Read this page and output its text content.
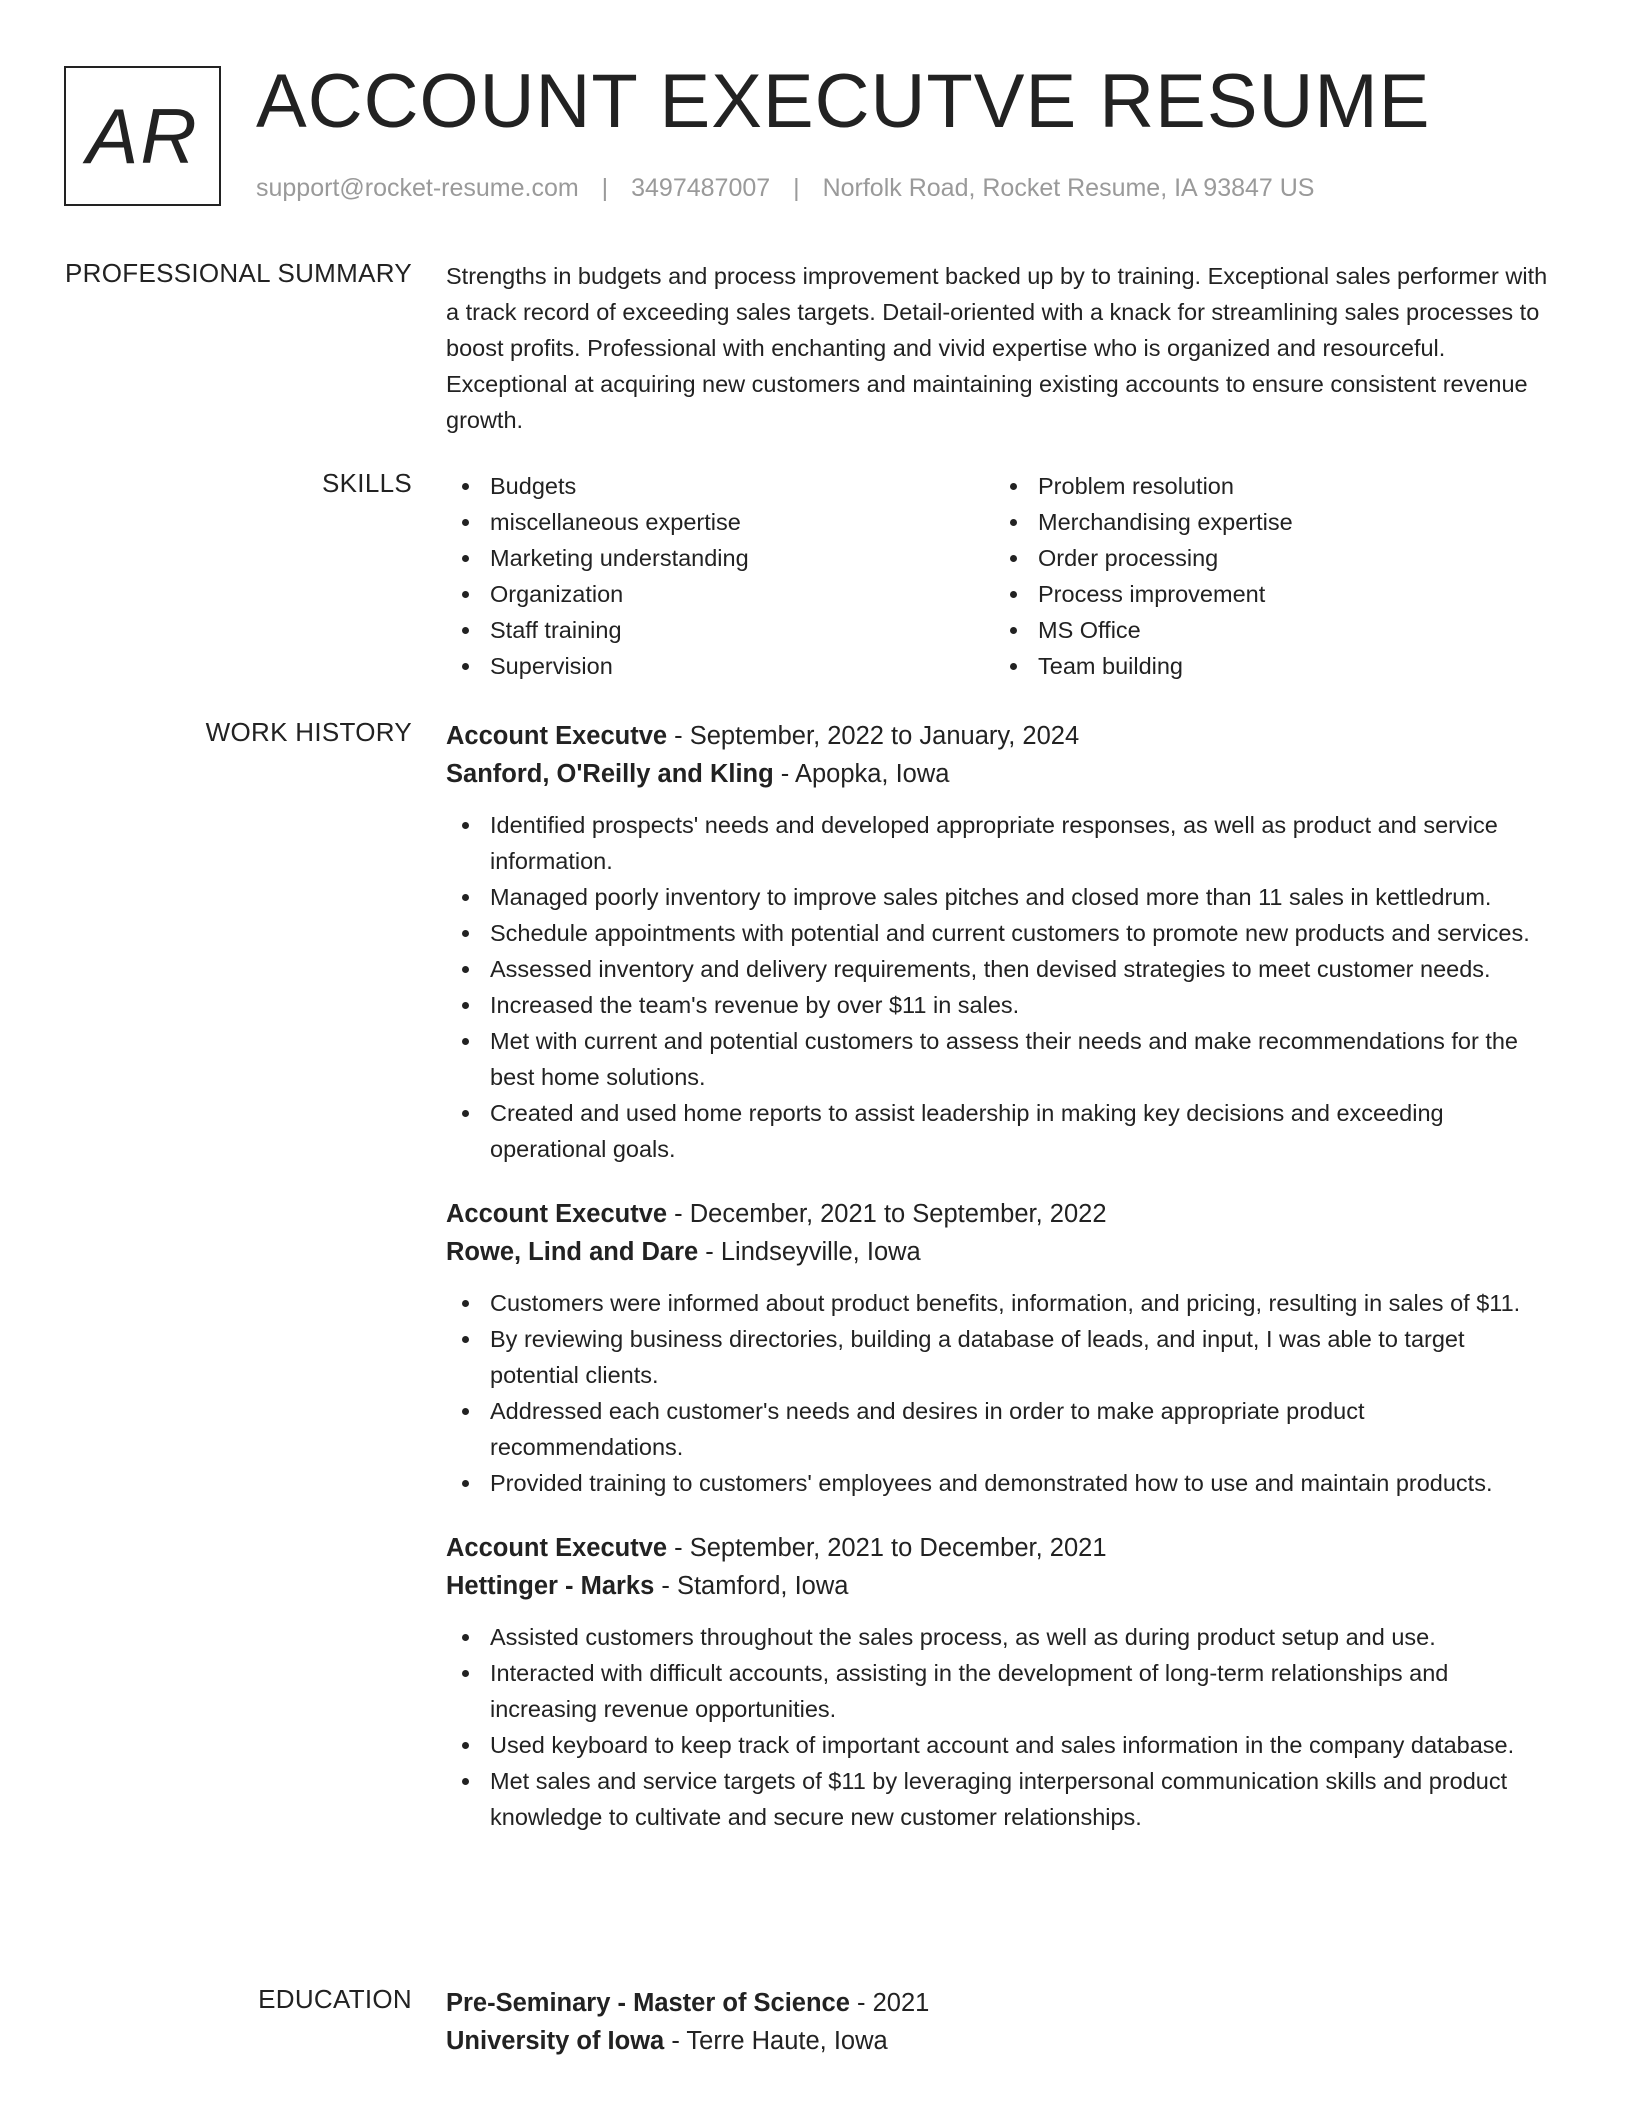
AR ACCOUNT EXECUTVE RESUME
support@rocket-resume.com | 3497487007 | Norfolk Road, Rocket Resume, IA 93847 US
PROFESSIONAL SUMMARY Strengths in budgets and process improvement backed up by to training. Exceptional sales performer with a track record of exceeding sales targets. Detail-oriented with a knack for streamlining sales processes to boost profits. Professional with enchanting and vivid expertise who is organized and resourceful. Exceptional at acquiring new customers and maintaining existing accounts to ensure consistent revenue growth.

SKILLS	Budgets
miscellaneous expertise
Marketing understanding
Organization
Staff training
Supervision
Problem resolution
Merchandising expertise
Order processing
Process improvement
MS Office
Team building
WORK HISTORY Account Executve - September, 2022 to January, 2024
Sanford, O'Reilly and Kling - Apopka, Iowa
Identified prospects' needs and developed appropriate responses, as well as product and service information.
Managed poorly inventory to improve sales pitches and closed more than 11 sales in kettledrum.
Schedule appointments with potential and current customers to promote new products and services.
Assessed inventory and delivery requirements, then devised strategies to meet customer needs.
Increased the team's revenue by over $11 in sales.
Met with current and potential customers to assess their needs and make recommendations for the best home solutions.
Created and used home reports to assist leadership in making key decisions and exceeding operational goals.
Account Executve - December, 2021 to September, 2022
Rowe, Lind and Dare - Lindseyville, Iowa
Customers were informed about product benefits, information, and pricing, resulting in sales of $11.
By reviewing business directories, building a database of leads, and input, I was able to target potential clients.
Addressed each customer's needs and desires in order to make appropriate product recommendations.
Provided training to customers' employees and demonstrated how to use and maintain products.
Account Executve - September, 2021 to December, 2021
Hettinger - Marks - Stamford, Iowa
Assisted customers throughout the sales process, as well as during product setup and use.
Interacted with difficult accounts, assisting in the development of long-term relationships and increasing revenue opportunities.
Used keyboard to keep track of important account and sales information in the company database.
Met sales and service targets of $11 by leveraging interpersonal communication skills and product knowledge to cultivate and secure new customer relationships.
EDUCATION Pre-Seminary - Master of Science - 2021
University of Iowa - Terre Haute, Iowa
